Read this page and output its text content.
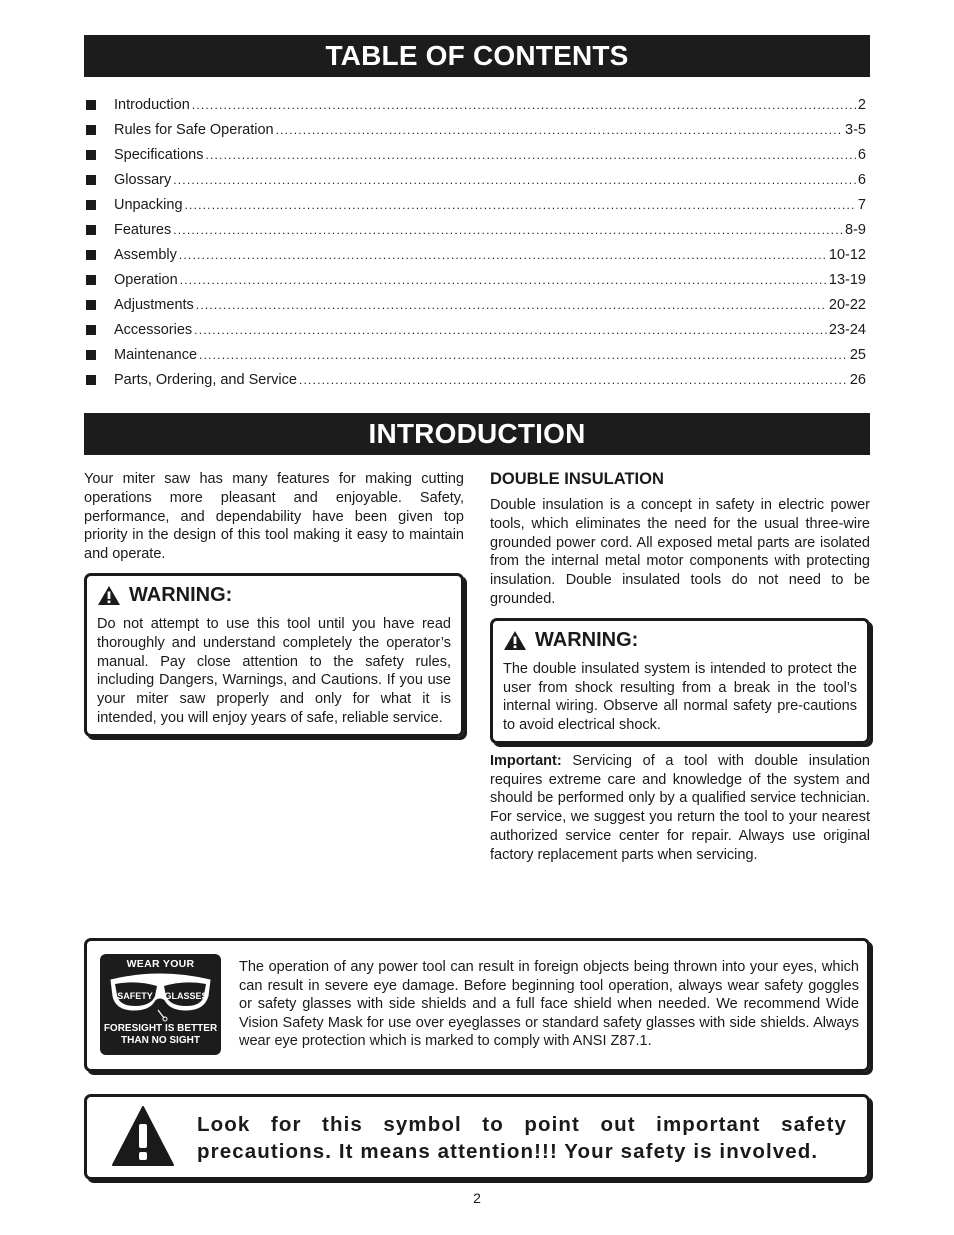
TABLE OF CONTENTS
Introduction .....	2
Rules for Safe Operation .....	3-5
Specifications .....	6
Glossary .....	6
Unpacking .....	7
Features .....	8-9
Assembly .....	10-12
Operation .....	13-19
Adjustments .....	20-22
Accessories .....	23-24
Maintenance .....	25
Parts, Ordering, and Service .....	26
INTRODUCTION

Your miter saw has many features for making cutting operations more pleasant and enjoyable. Safety, performance, and dependability have been given top priority in the design of this tool making it easy to maintain and operate.

WARNING:

Do not attempt to use this tool until you have read thoroughly and understand completely the operator’s manual. Pay close attention to the safety rules, including Dangers, Warnings, and Cautions. If you use your miter saw properly and only for what it is intended, you will enjoy years of safe, reliable service.

DOUBLE INSULATION

Double insulation is a concept in safety in electric power tools, which eliminates the need for the usual three-wire grounded power cord. All exposed metal parts are isolated from the internal metal motor components with protecting insulation. Double insulated tools do not need to be grounded.

WARNING:

The double insulated system is intended to protect the user from shock resulting from a break in the tool’s internal wiring. Observe all normal safety pre-cautions to avoid electrical shock.

Important: Servicing of a tool with double insulation requires extreme care and knowledge of the system and should be performed only by a qualified service technician. For service, we suggest you return the tool to your nearest authorized service center for repair. Always use original factory replacement parts when servicing.

WEAR YOUR
SAFETY GLASSES
FORESIGHT IS BETTER
THAN NO SIGHT

The operation of any power tool can result in foreign objects being thrown into your eyes, which can result in severe eye damage. Before beginning tool operation, always wear safety goggles or safety glasses with side shields and a full face shield when needed. We recommend Wide Vision Safety Mask for use over eyeglasses or standard safety glasses with side shields. Always wear eye protection which is marked to comply with ANSI Z87.1.

Look for this symbol to point out important safety precautions. It means attention!!! Your safety is involved.
2
